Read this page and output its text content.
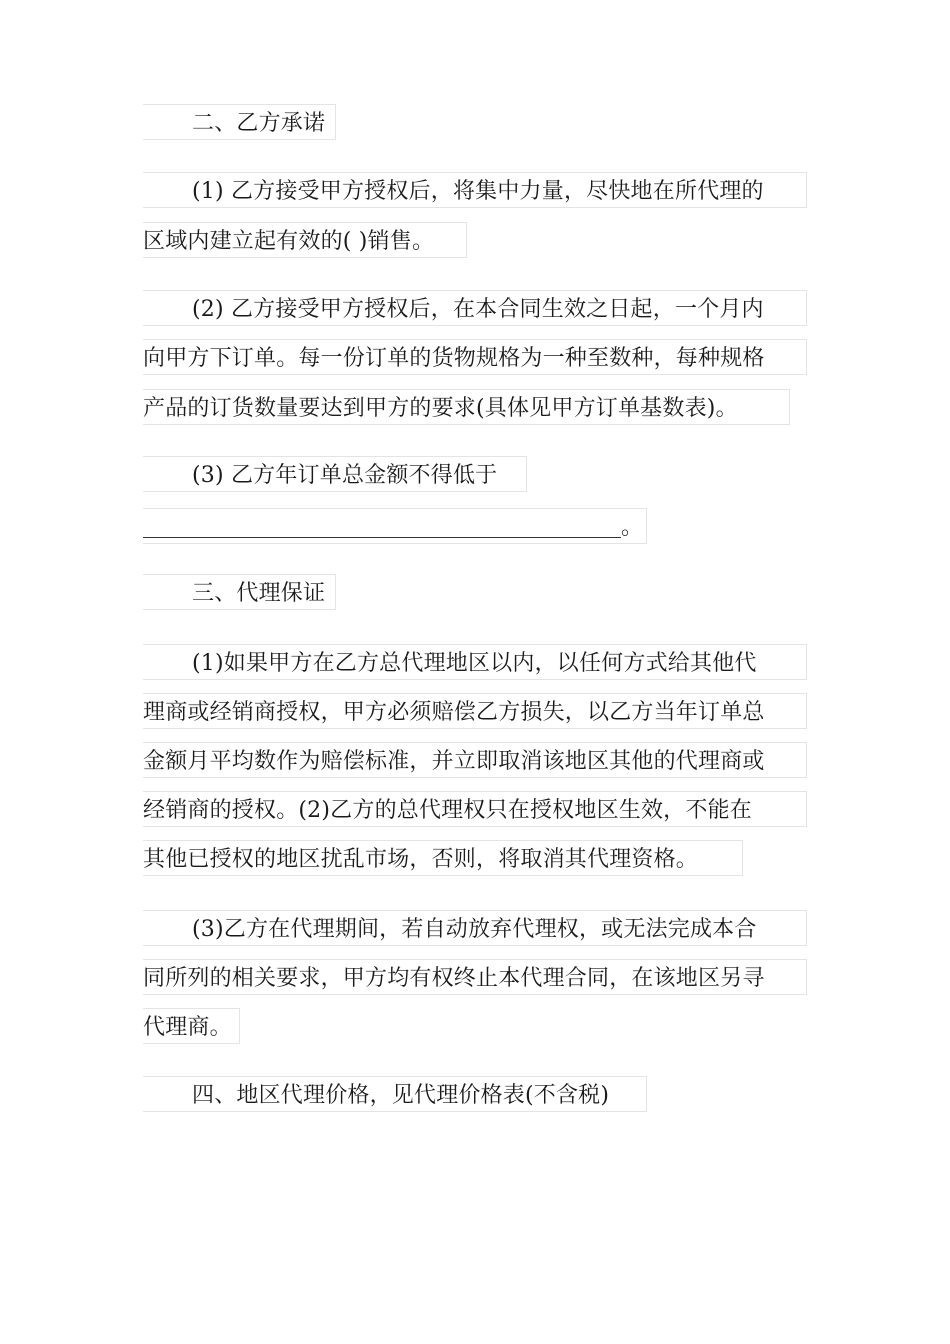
二、乙方承诺
(1) 乙方接受甲方授权后，将集中力量，尽快地在所代理的
区域内建立起有效的( )销售。
(2) 乙方接受甲方授权后，在本合同生效之日起，一个月内
向甲方下订单。每一份订单的货物规格为一种至数种，每种规格
产品的订货数量要达到甲方的要求(具体见甲方订单基数表)。
(3) 乙方年订单总金额不得低于
。
三、代理保证
(1)如果甲方在乙方总代理地区以内，以任何方式给其他代
理商或经销商授权，甲方必须赔偿乙方损失，以乙方当年订单总
金额月平均数作为赔偿标准，并立即取消该地区其他的代理商或
经销商的授权。(2)乙方的总代理权只在授权地区生效，不能在
其他已授权的地区扰乱市场，否则，将取消其代理资格。
(3)乙方在代理期间，若自动放弃代理权，或无法完成本合
同所列的相关要求，甲方均有权终止本代理合同，在该地区另寻
代理商。
四、地区代理价格，见代理价格表(不含税)
